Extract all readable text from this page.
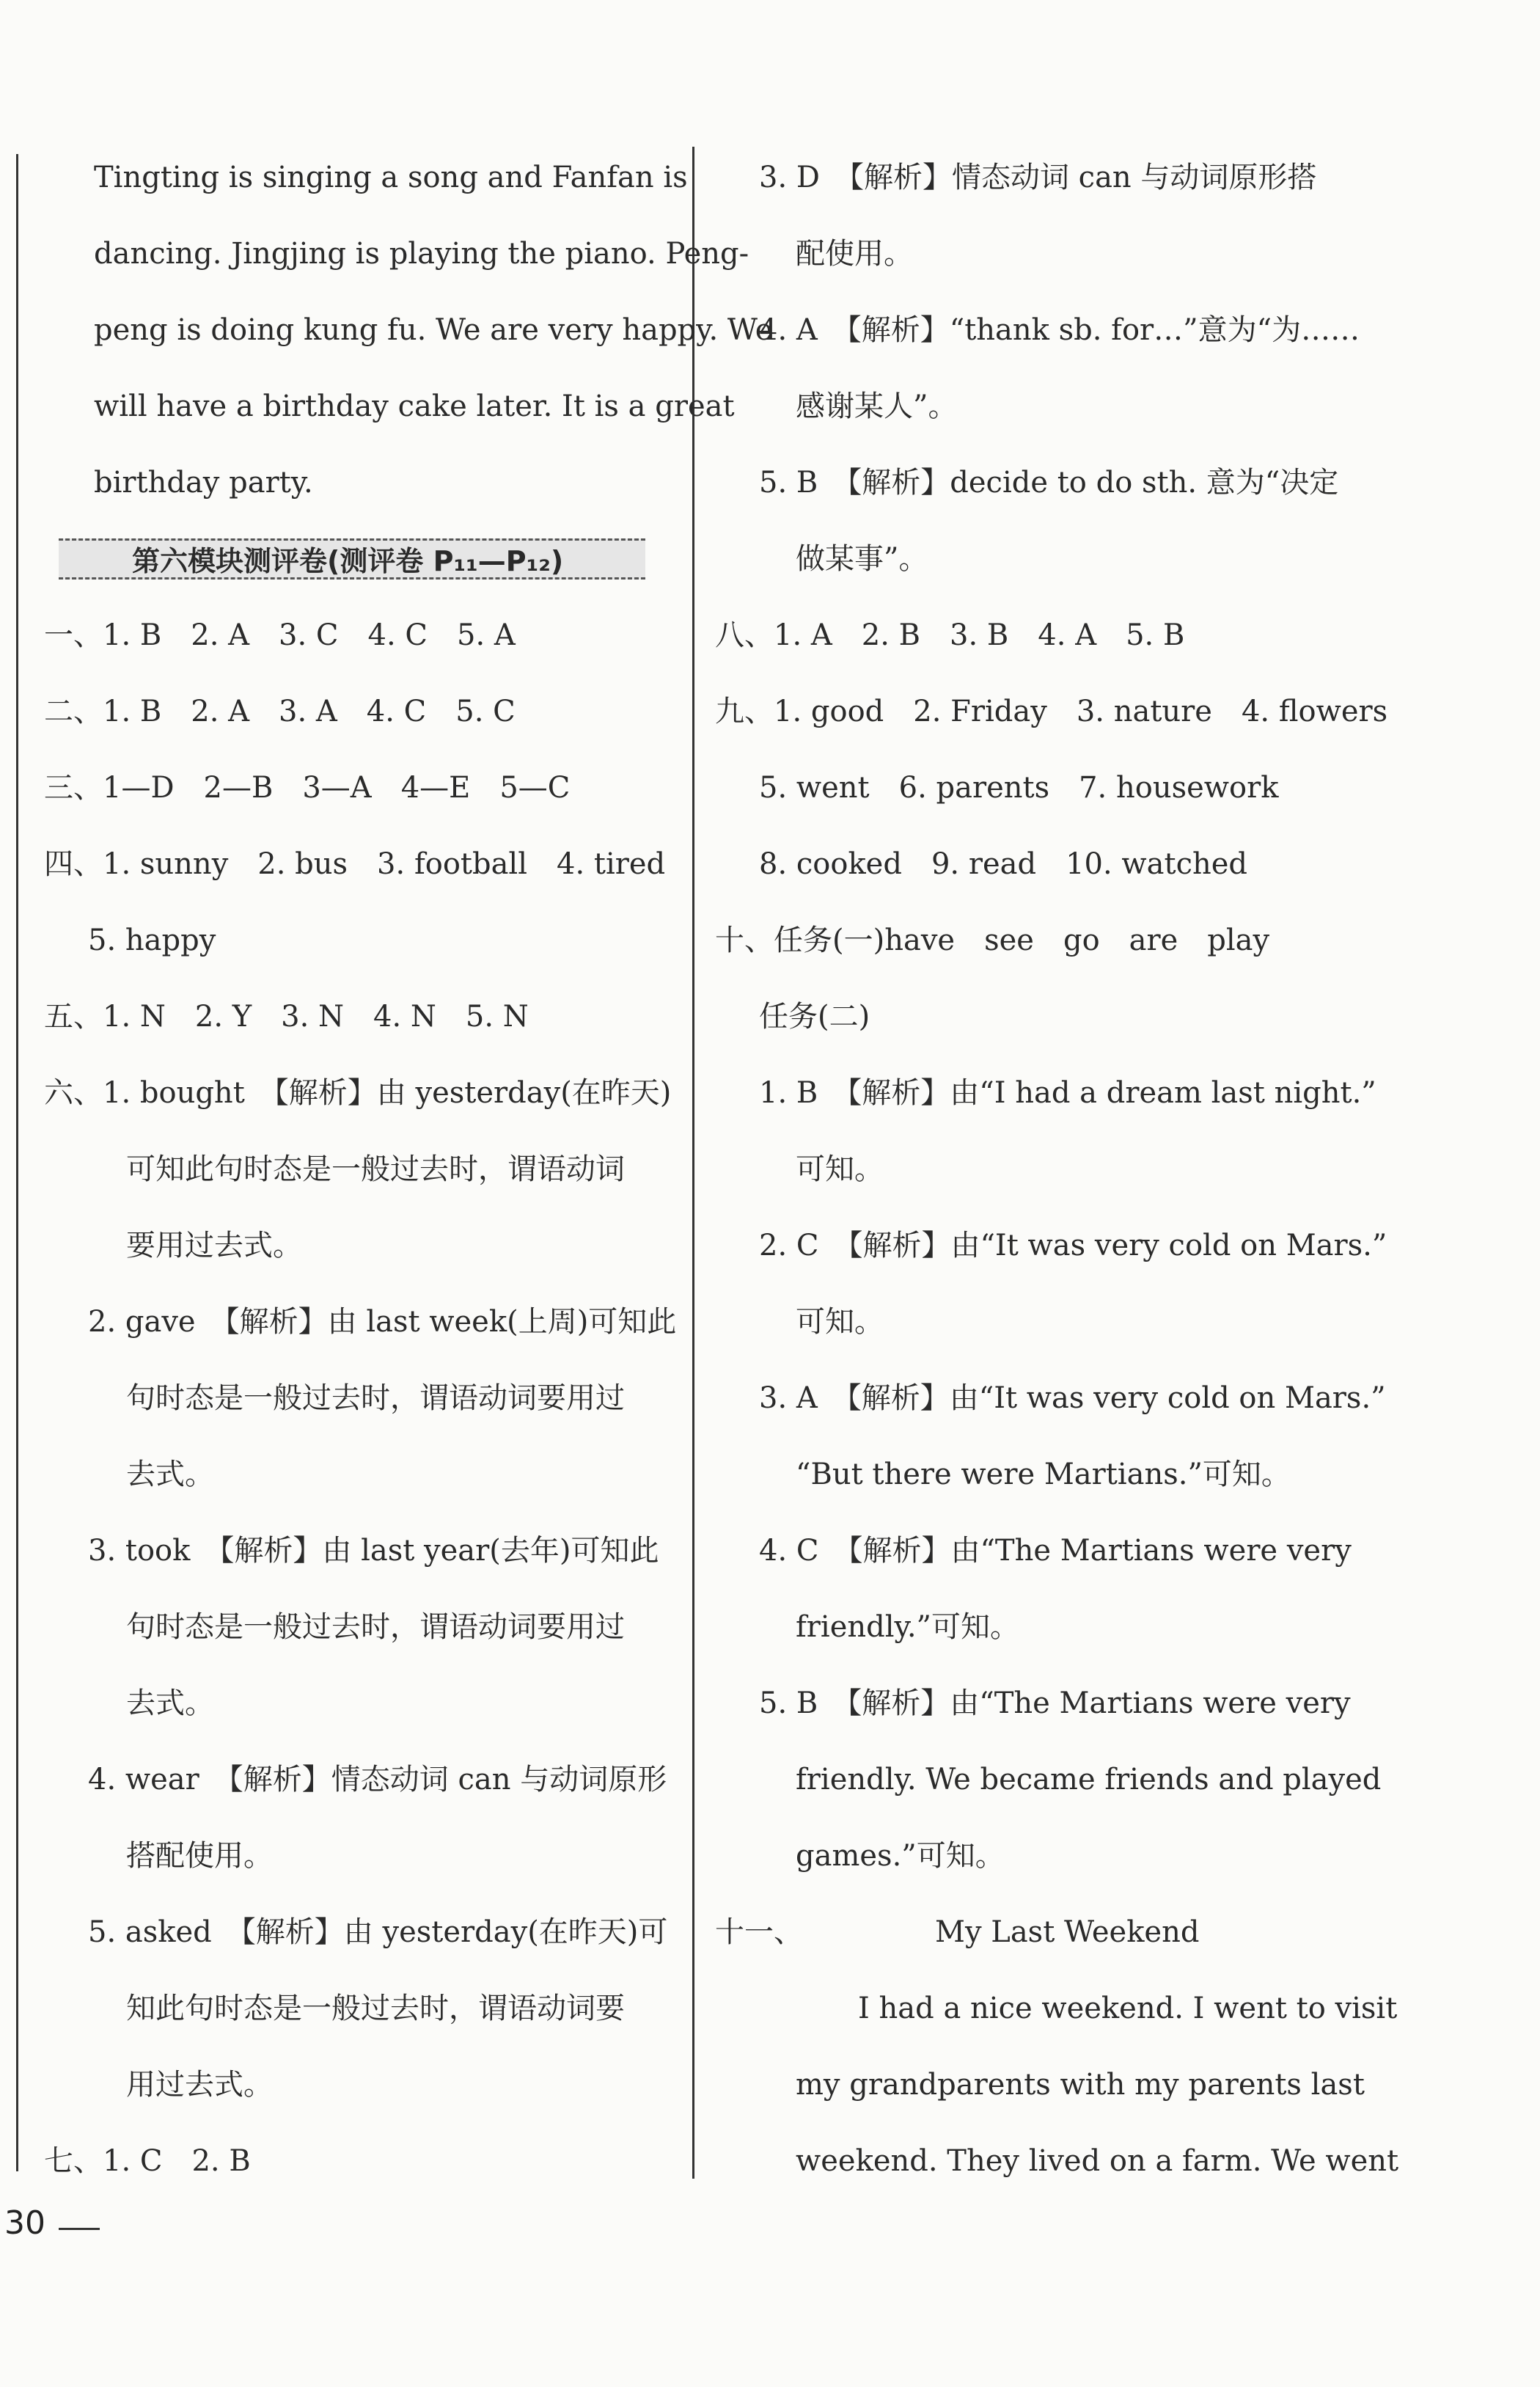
Tingting is singing a song and Fanfan is
dancing. Jingjing is playing the piano. Peng-
peng is doing kung fu. We are very happy. We
will have a birthday cake later. It is a great
birthday party.
第六模块测评卷(测评卷 P₁₁—P₁₂)
一、1. B　2. A　3. C　4. C　5. A
二、1. B　2. A　3. A　4. C　5. C
三、1—D　2—B　3—A　4—E　5—C
四、1. sunny　2. bus　3. football　4. tired
5. happy
五、1. N　2. Y　3. N　4. N　5. N
六、1. bought　【解析】由 yesterday(在昨天)
可知此句时态是一般过去时，谓语动词
要用过去式。
2. gave　【解析】由 last week(上周)可知此
句时态是一般过去时，谓语动词要用过
去式。
3. took　【解析】由 last year(去年)可知此
句时态是一般过去时，谓语动词要用过
去式。
4. wear　【解析】情态动词 can 与动词原形
搭配使用。
5. asked　【解析】由 yesterday(在昨天)可
知此句时态是一般过去时，谓语动词要
用过去式。
七、1. C　2. B
3. D　【解析】情态动词 can 与动词原形搭
配使用。
4. A　【解析】“thank sb. for…”意为“为……
感谢某人”。
5. B　【解析】decide to do sth. 意为“决定
做某事”。
八、1. A　2. B　3. B　4. A　5. B
九、1. good　2. Friday　3. nature　4. flowers
5. went　6. parents　7. housework
8. cooked　9. read　10. watched
十、任务(一)have　see　go　are　play
任务(二)
1. B　【解析】由“I had a dream last night.”
可知。
2. C　【解析】由“It was very cold on Mars.”
可知。
3. A　【解析】由“It was very cold on Mars.”
“But there were Martians.”可知。
4. C　【解析】由“The Martians were very
friendly.”可知。
5. B　【解析】由“The Martians were very
friendly. We became friends and played
games.”可知。
十一、	My Last Weekend
I had a nice weekend. I went to visit
my grandparents with my parents last
weekend. They lived on a farm. We went
30
